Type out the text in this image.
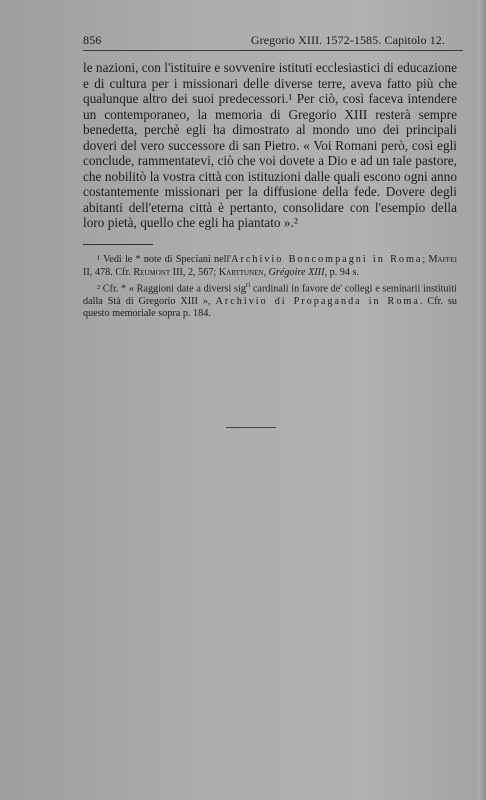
856	Gregorio XIII. 1572-1585. Capitolo 12.

le nazioni, con l'istituire e sovvenire istituti ecclesiastici di educazione e di cultura per i missionari delle diverse terre, aveva fatto più che qualunque altro dei suoi predecessori.¹ Per ciò, così faceva intendere un contemporaneo, la memoria di Gregorio XIII resterà sempre benedetta, perchè egli ha dimostrato al mondo uno dei principali doveri del vero successore di san Pietro. « Voi Romani però, così egli conclude, rammentatevi, ciò che voi dovete a Dio e ad un tale pastore, che nobilitò la vostra città con istituzioni dalle quali escono ogni anno costantemente missionari per la diffusione della fede. Dovere degli abitanti dell'eterna città è pertanto, consolidare con l'esempio della loro pietà, quello che egli ha piantato ».²

¹ Vedi le * note di Speciani nell'Archivio Boncompagni in Roma; Maffei II, 478. Cfr. Reumont III, 2, 567; Karttunen, Grégoire XIII, p. 94 s.

² Cfr. * « Raggioni date a diversi sig$^{ri}$ cardinali in favore de' collegi e seminarii instituiti dalla Stà di Gregorio XIII », Archivio di Propaganda in Roma. Cfr. su questo memoriale sopra p. 184.
